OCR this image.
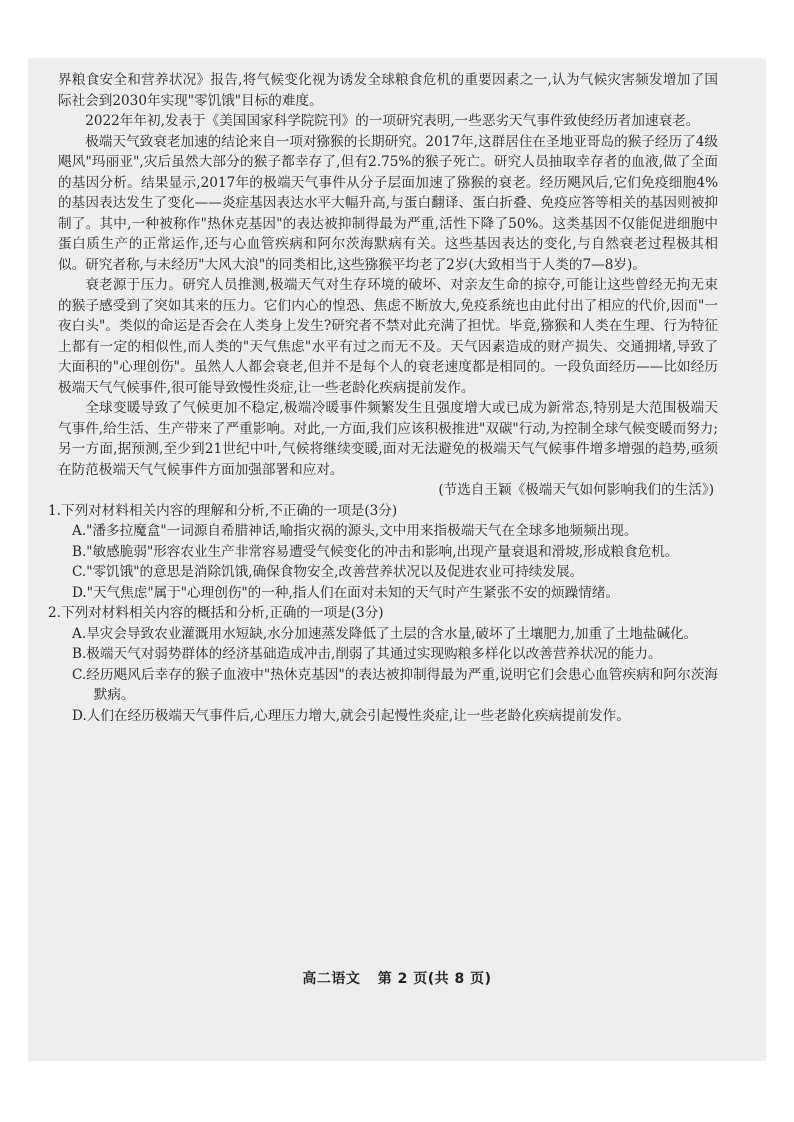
界粮食安全和营养状况》报告,将气候变化视为诱发全球粮食危机的重要因素之一,认为气候灾害频发增加了国际社会到2030年实现"零饥饿"目标的难度。

2022年年初,发表于《美国国家科学院院刊》的一项研究表明,一些恶劣天气事件致使经历者加速衰老。

极端天气致衰老加速的结论来自一项对猕猴的长期研究。2017年,这群居住在圣地亚哥岛的猴子经历了4级飓风"玛丽亚",灾后虽然大部分的猴子都幸存了,但有2.75%的猴子死亡。研究人员抽取幸存者的血液,做了全面的基因分析。结果显示,2017年的极端天气事件从分子层面加速了猕猴的衰老。经历飓风后,它们免疫细胞4%的基因表达发生了变化——炎症基因表达水平大幅升高,与蛋白翻译、蛋白折叠、免疫应答等相关的基因则被抑制了。其中,一种被称作"热休克基因"的表达被抑制得最为严重,活性下降了50%。这类基因不仅能促进细胞中蛋白质生产的正常运作,还与心血管疾病和阿尔茨海默病有关。这些基因表达的变化,与自然衰老过程极其相似。研究者称,与未经历"大风大浪"的同类相比,这些猕猴平均老了2岁(大致相当于人类的7—8岁)。

衰老源于压力。研究人员推测,极端天气对生存环境的破坏、对亲友生命的掠夺,可能让这些曾经无拘无束的猴子感受到了突如其来的压力。它们内心的惶恐、焦虑不断放大,免疫系统也由此付出了相应的代价,因而"一夜白头"。类似的命运是否会在人类身上发生?研究者不禁对此充满了担忧。毕竟,猕猴和人类在生理、行为特征上都有一定的相似性,而人类的"天气焦虑"水平有过之而无不及。天气因素造成的财产损失、交通拥堵,导致了大面积的"心理创伤"。虽然人人都会衰老,但并不是每个人的衰老速度都是相同的。一段负面经历——比如经历极端天气气候事件,很可能导致慢性炎症,让一些老龄化疾病提前发作。

全球变暖导致了气候更加不稳定,极端冷暖事件频繁发生且强度增大或已成为新常态,特别是大范围极端天气事件,给生活、生产带来了严重影响。对此,一方面,我们应该积极推进"双碳"行动,为控制全球气候变暖而努力;另一方面,据预测,至少到21世纪中叶,气候将继续变暖,面对无法避免的极端天气气候事件增多增强的趋势,亟须在防范极端天气气候事件方面加强部署和应对。

(节选自王颖《极端天气如何影响我们的生活》)

1.下列对材料相关内容的理解和分析,不正确的一项是(3分)

A."潘多拉魔盒"一词源自希腊神话,喻指灾祸的源头,文中用来指极端天气在全球多地频频出现。

B."敏感脆弱"形容农业生产非常容易遭受气候变化的冲击和影响,出现产量衰退和滑坡,形成粮食危机。

C."零饥饿"的意思是消除饥饿,确保食物安全,改善营养状况以及促进农业可持续发展。

D."天气焦虑"属于"心理创伤"的一种,指人们在面对未知的天气时产生紧张不安的烦躁情绪。

2.下列对材料相关内容的概括和分析,正确的一项是(3分)

A.旱灾会导致农业灌溉用水短缺,水分加速蒸发降低了土层的含水量,破坏了土壤肥力,加重了土地盐碱化。

B.极端天气对弱势群体的经济基础造成冲击,削弱了其通过实现购粮多样化以改善营养状况的能力。

C.经历飓风后幸存的猴子血液中"热休克基因"的表达被抑制得最为严重,说明它们会患心血管疾病和阿尔茨海默病。

D.人们在经历极端天气事件后,心理压力增大,就会引起慢性炎症,让一些老龄化疾病提前发作。

高二语文 第 2 页(共 8 页)
